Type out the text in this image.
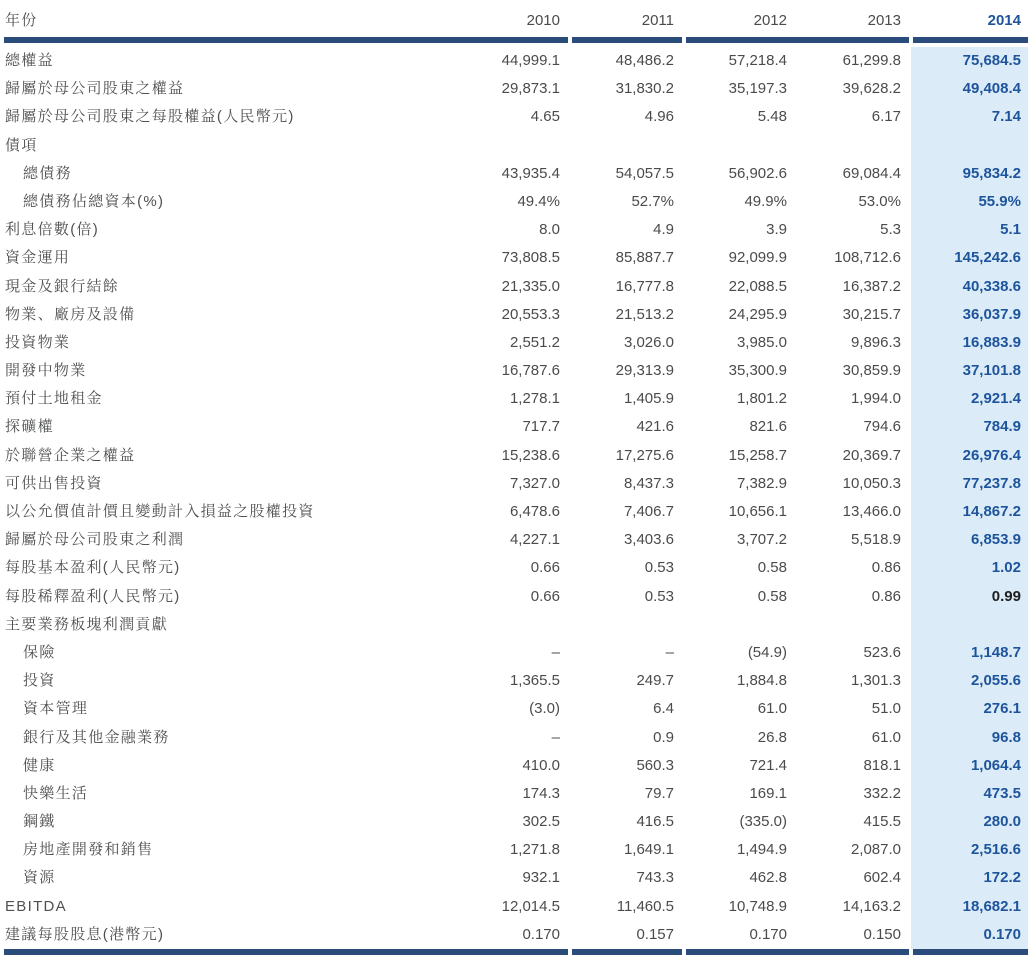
年份	2010	2011	2012	2013	2014
總權益	44,999.1	48,486.2	57,218.4	61,299.8	75,684.5
歸屬於母公司股東之權益	29,873.1	31,830.2	35,197.3	39,628.2	49,408.4
歸屬於母公司股東之每股權益(人民幣元)	4.65	4.96	5.48	6.17	7.14
債項
總債務	43,935.4	54,057.5	56,902.6	69,084.4	95,834.2
總債務佔總資本(%)	49.4%	52.7%	49.9%	53.0%	55.9%
利息倍數(倍)	8.0	4.9	3.9	5.3	5.1
資金運用	73,808.5	85,887.7	92,099.9	108,712.6	145,242.6
現金及銀行結餘	21,335.0	16,777.8	22,088.5	16,387.2	40,338.6
物業、廠房及設備	20,553.3	21,513.2	24,295.9	30,215.7	36,037.9
投資物業	2,551.2	3,026.0	3,985.0	9,896.3	16,883.9
開發中物業	16,787.6	29,313.9	35,300.9	30,859.9	37,101.8
預付土地租金	1,278.1	1,405.9	1,801.2	1,994.0	2,921.4
探礦權	717.7	421.6	821.6	794.6	784.9
於聯營企業之權益	15,238.6	17,275.6	15,258.7	20,369.7	26,976.4
可供出售投資	7,327.0	8,437.3	7,382.9	10,050.3	77,237.8
以公允價值計價且變動計入損益之股權投資	6,478.6	7,406.7	10,656.1	13,466.0	14,867.2
歸屬於母公司股東之利潤	4,227.1	3,403.6	3,707.2	5,518.9	6,853.9
每股基本盈利(人民幣元)	0.66	0.53	0.58	0.86	1.02
每股稀釋盈利(人民幣元)	0.66	0.53	0.58	0.86	0.99
主要業務板塊利潤貢獻
保險	–	–	(54.9)	523.6	1,148.7
投資	1,365.5	249.7	1,884.8	1,301.3	2,055.6
資本管理	(3.0)	6.4	61.0	51.0	276.1
銀行及其他金融業務	–	0.9	26.8	61.0	96.8
健康	410.0	560.3	721.4	818.1	1,064.4
快樂生活	174.3	79.7	169.1	332.2	473.5
鋼鐵	302.5	416.5	(335.0)	415.5	280.0
房地產開發和銷售	1,271.8	1,649.1	1,494.9	2,087.0	2,516.6
資源	932.1	743.3	462.8	602.4	172.2
EBITDA	12,014.5	11,460.5	10,748.9	14,163.2	18,682.1
建議每股股息(港幣元)	0.170	0.157	0.170	0.150	0.170
